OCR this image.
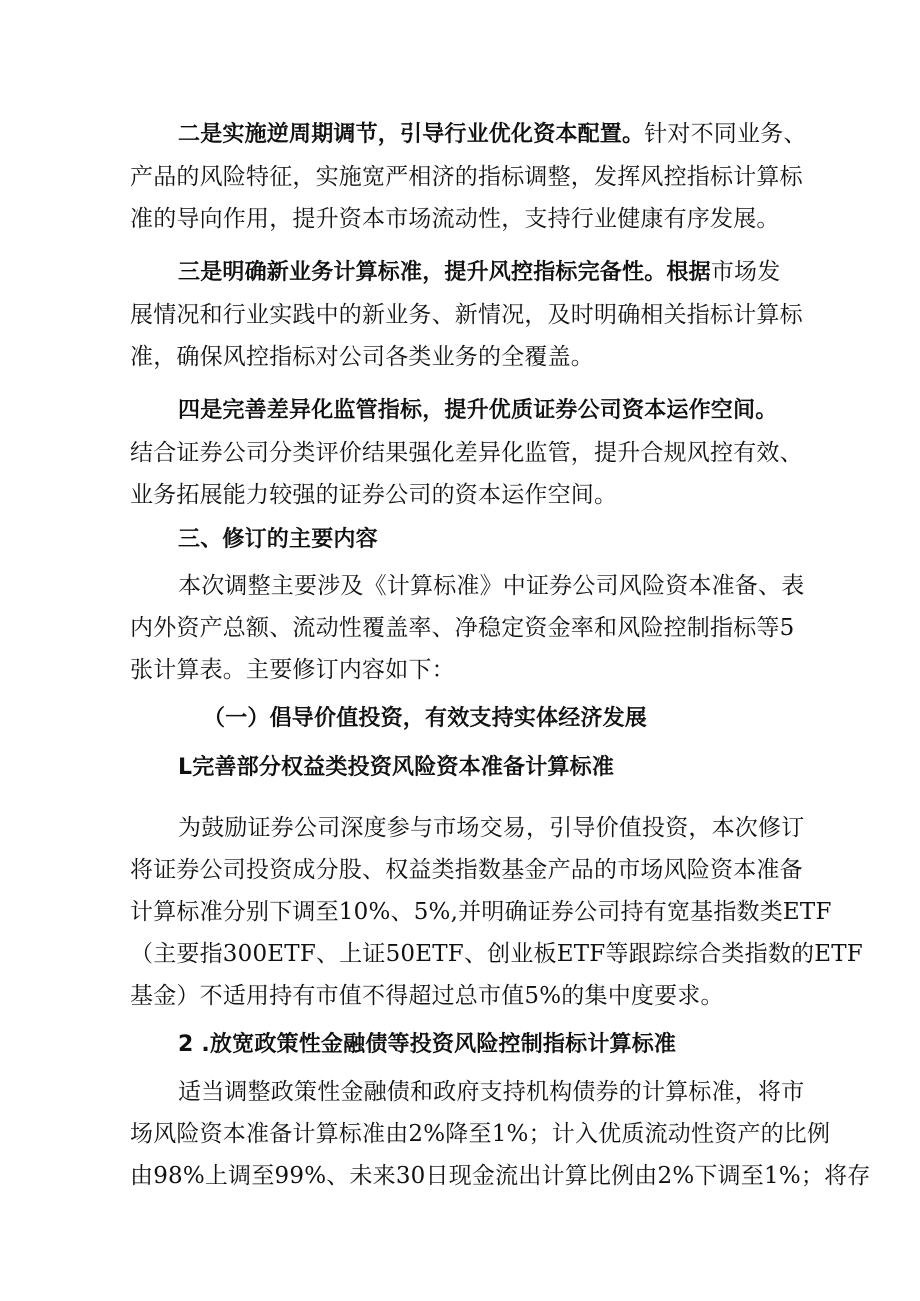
二是实施逆周期调节，引导行业优化资本配置。针对不同业务、
产品的风险特征，实施宽严相济的指标调整，发挥风控指标计算标
准的导向作用，提升资本市场流动性，支持行业健康有序发展。
三是明确新业务计算标准，提升风控指标完备性。根据市场发
展情况和行业实践中的新业务、新情况，及时明确相关指标计算标
准，确保风控指标对公司各类业务的全覆盖。
四是完善差异化监管指标，提升优质证券公司资本运作空间。
结合证券公司分类评价结果强化差异化监管，提升合规风控有效、
业务拓展能力较强的证券公司的资本运作空间。
三、修订的主要内容
本次调整主要涉及《计算标准》中证券公司风险资本准备、表
内外资产总额、流动性覆盖率、净稳定资金率和风险控制指标等5
张计算表。主要修订内容如下：
（一）倡导价值投资，有效支持实体经济发展
L完善部分权益类投资风险资本准备计算标准
为鼓励证券公司深度参与市场交易，引导价值投资，本次修订
将证券公司投资成分股、权益类指数基金产品的市场风险资本准备
计算标准分别下调至10%、5%,并明确证券公司持有宽基指数类ETF
（主要指300ETF、上证50ETF、创业板ETF等跟踪综合类指数的ETF
基金）不适用持有市值不得超过总市值5%的集中度要求。
2 .放宽政策性金融债等投资风险控制指标计算标准
适当调整政策性金融债和政府支持机构债券的计算标准，将市
场风险资本准备计算标准由2%降至1%；计入优质流动性资产的比例
由98%上调至99%、未来30日现金流出计算比例由2%下调至1%；将存
